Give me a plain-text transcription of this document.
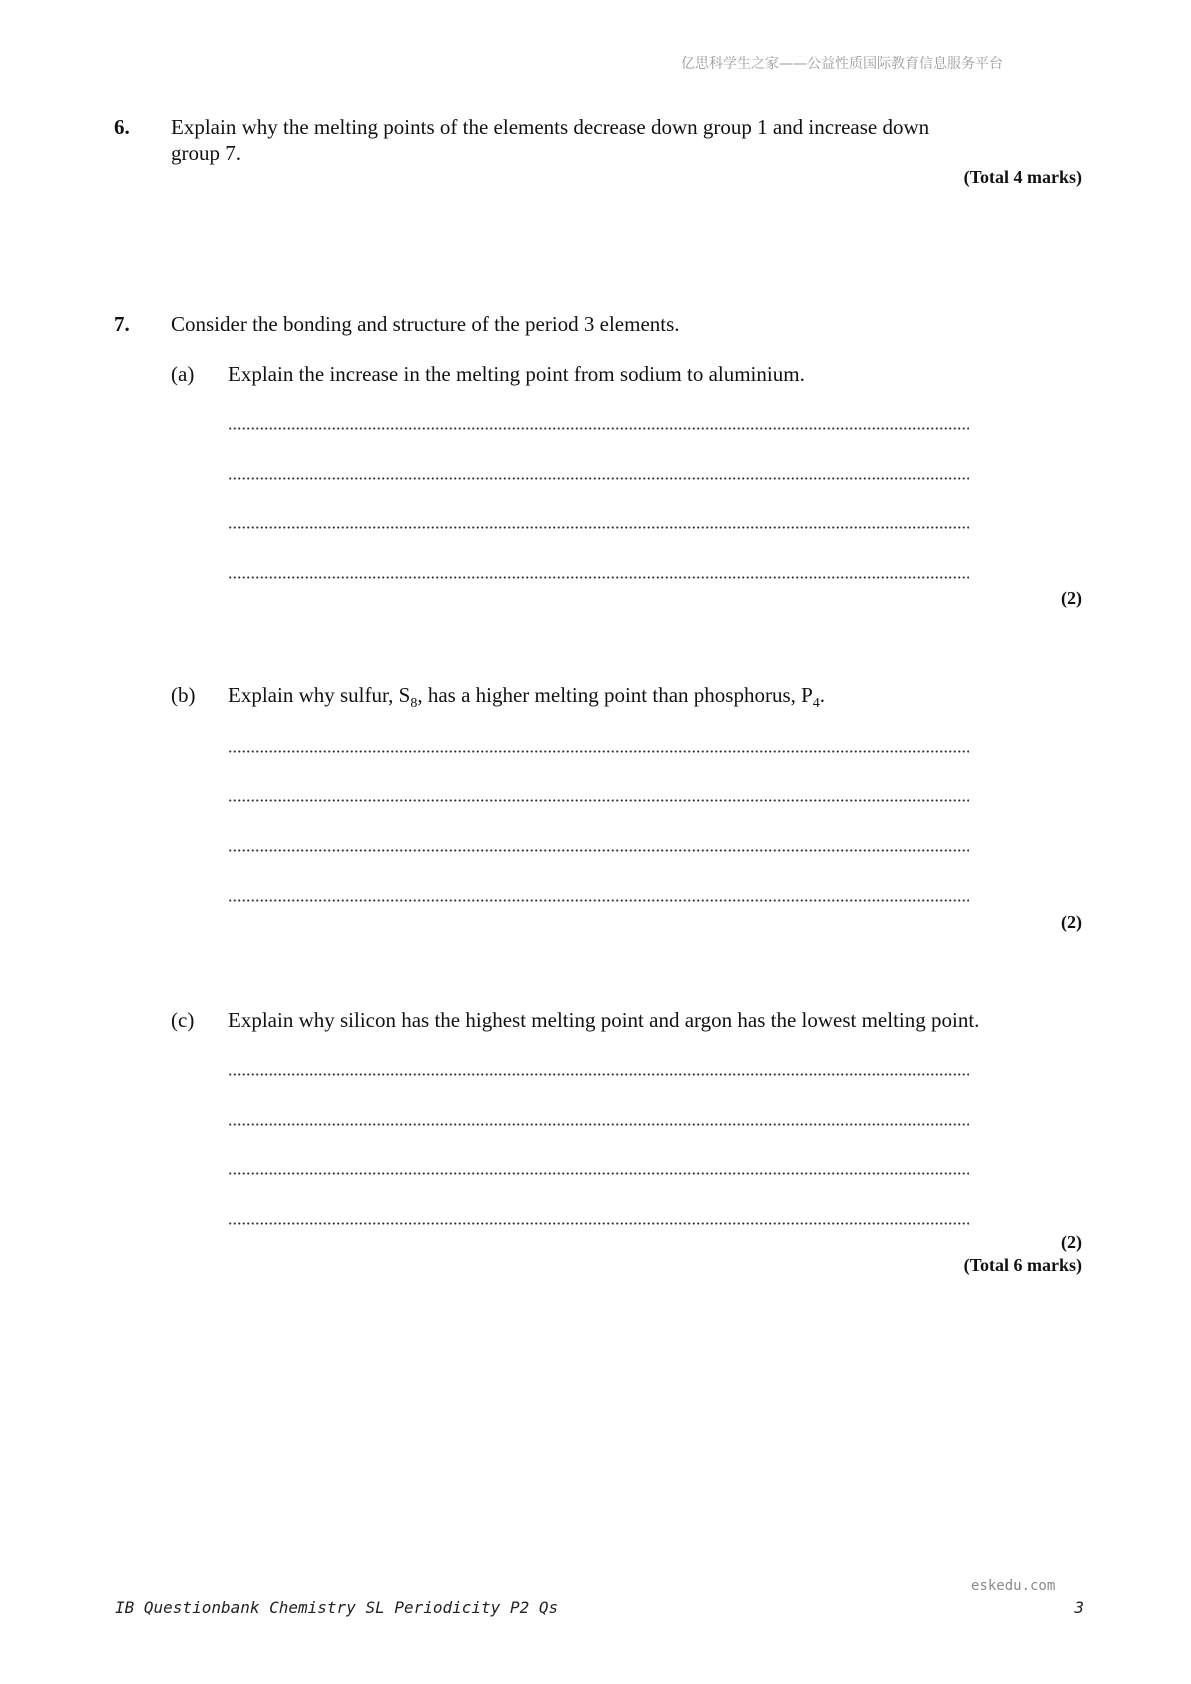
亿思科学生之家——公益性质国际教育信息服务平台
6. Explain why the melting points of the elements decrease down group 1 and increase down
group 7.
(Total 4 marks)
7. Consider the bonding and structure of the period 3 elements.
(a) Explain the increase in the melting point from sodium to aluminium.
(2)
(b) Explain why sulfur, $S_8$, has a higher melting point than phosphorus, $P_4$.
(2)
(c) Explain why silicon has the highest melting point and argon has the lowest melting point.
(2)
(Total 6 marks)
eskedu.com
IB Questionbank Chemistry SL Periodicity P2 Qs	3
